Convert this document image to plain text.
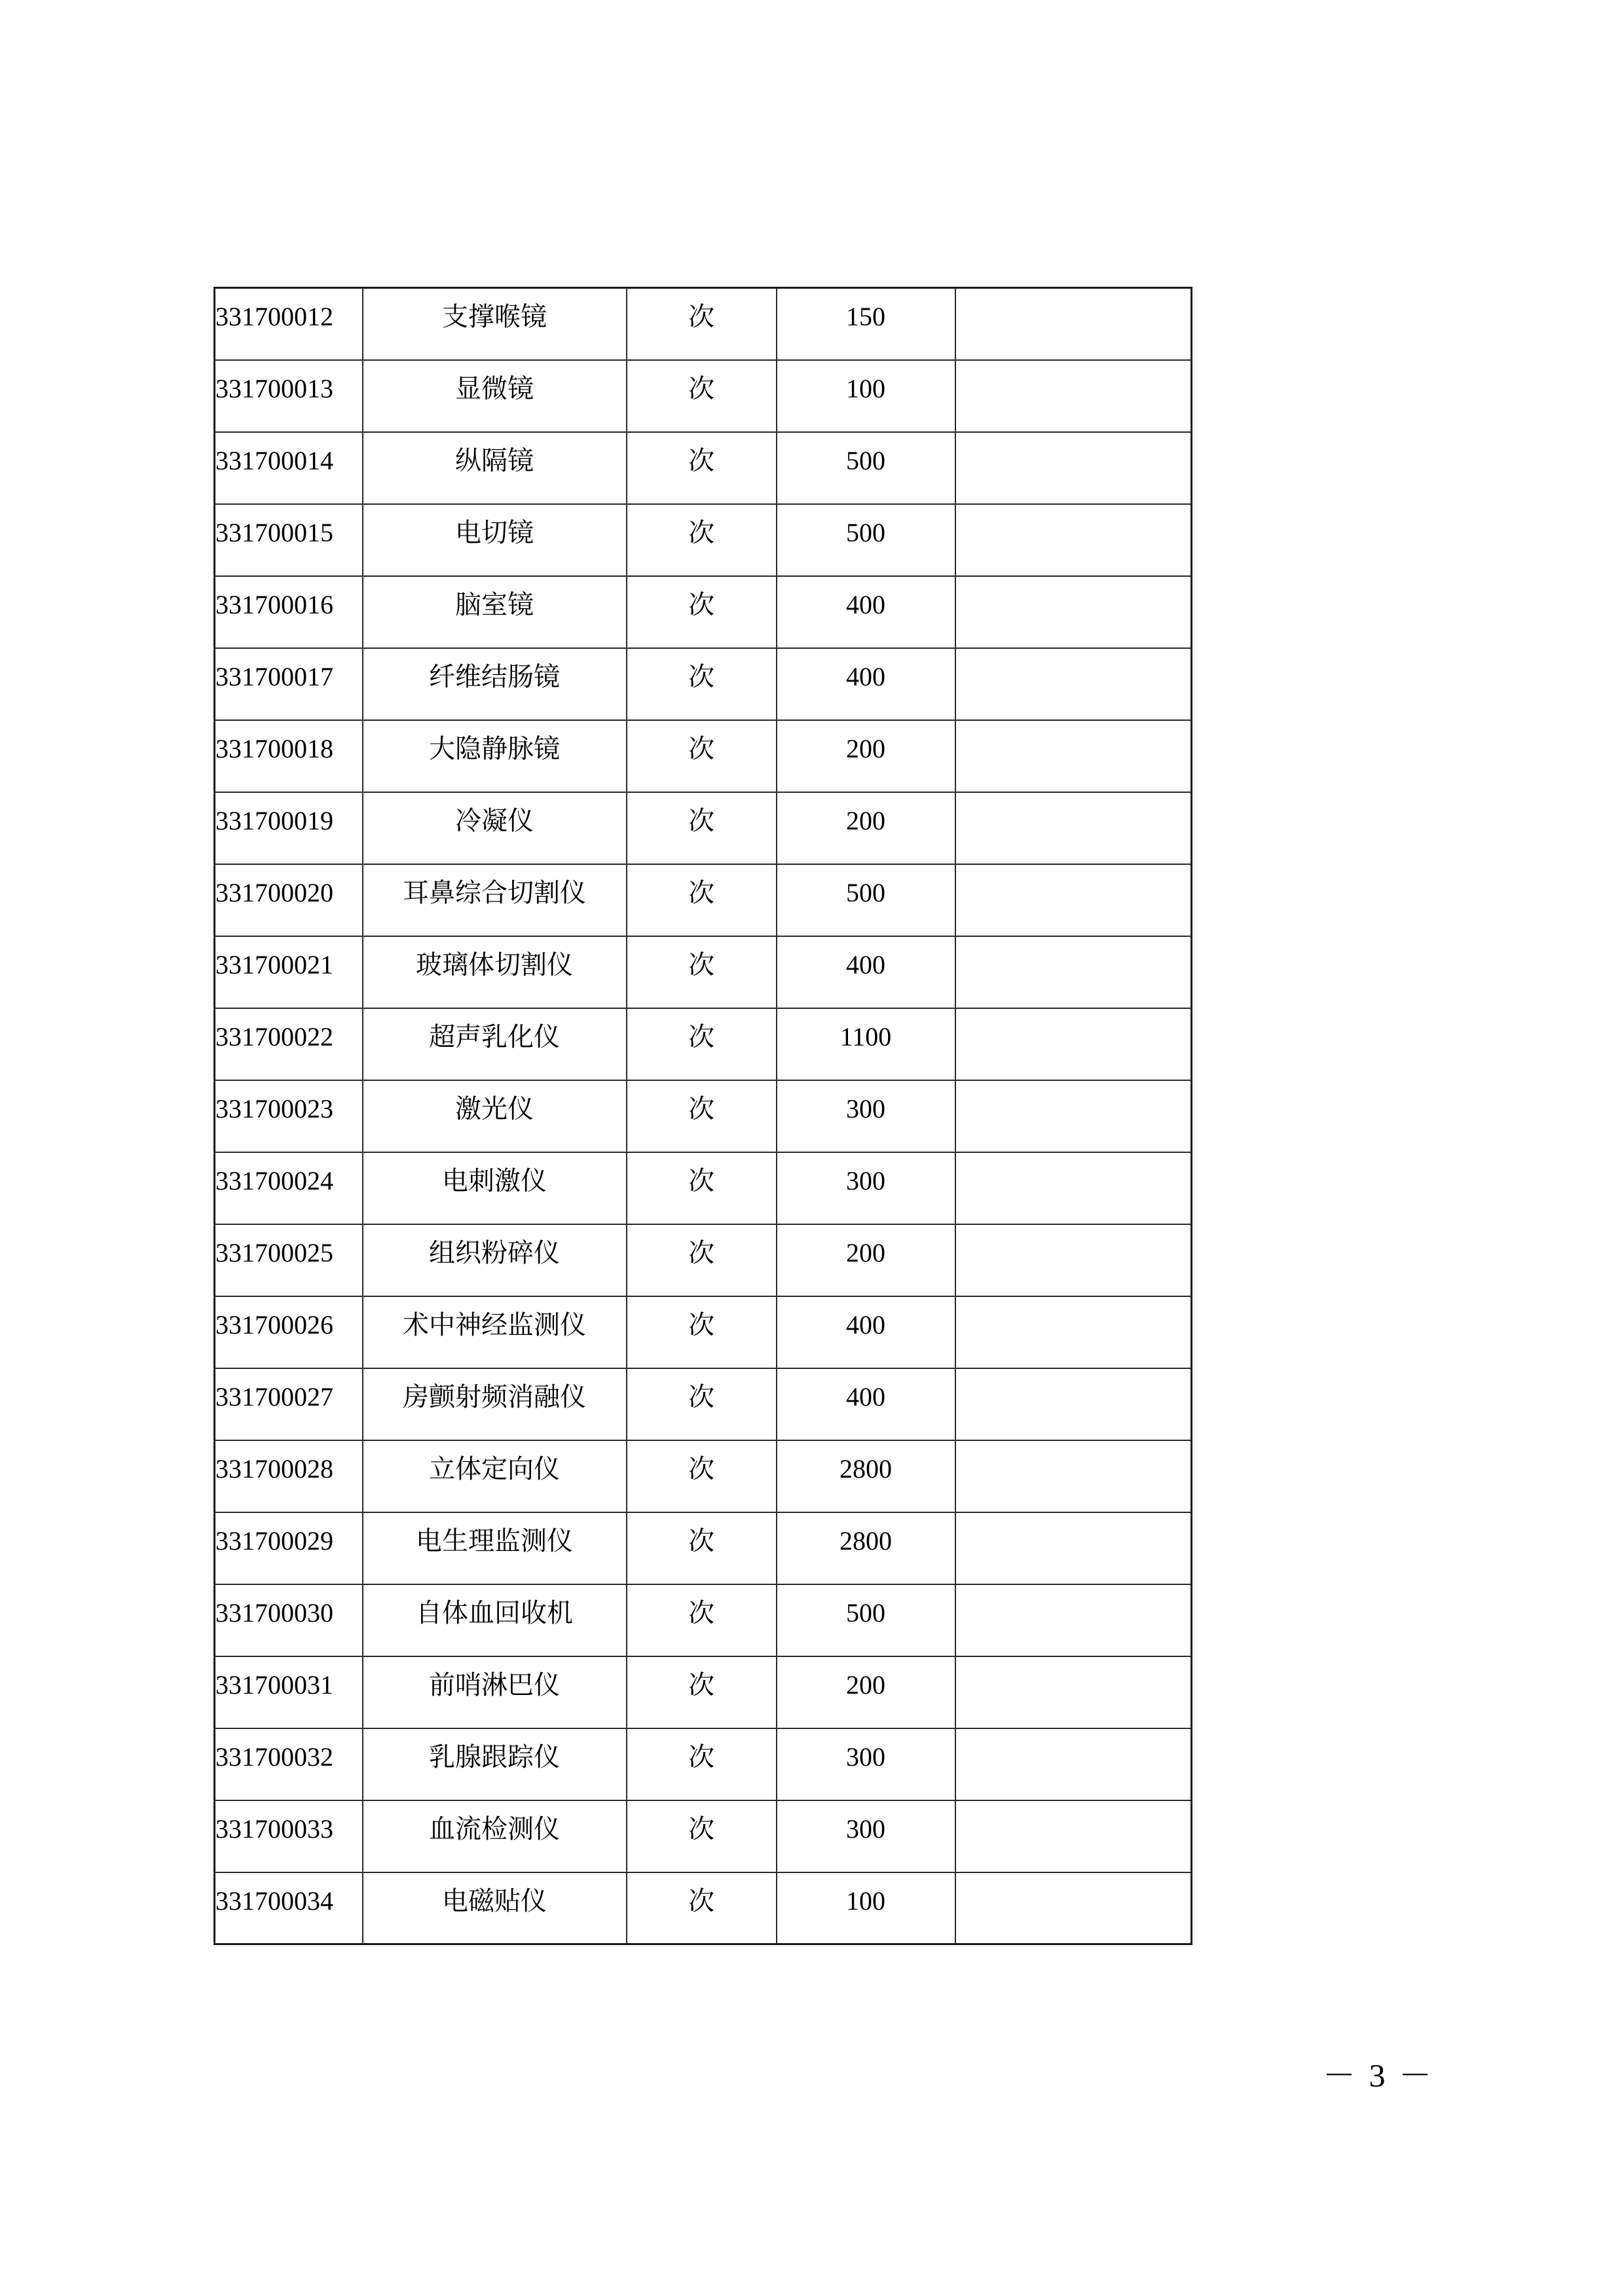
331700012	支撑喉镜	次	150	
331700013	显微镜	次	100	
331700014	纵隔镜	次	500	
331700015	电切镜	次	500	
331700016	脑室镜	次	400	
331700017	纤维结肠镜	次	400	
331700018	大隐静脉镜	次	200	
331700019	冷凝仪	次	200	
331700020	耳鼻综合切割仪	次	500	
331700021	玻璃体切割仪	次	400	
331700022	超声乳化仪	次	1100	
331700023	激光仪	次	300	
331700024	电刺激仪	次	300	
331700025	组织粉碎仪	次	200	
331700026	术中神经监测仪	次	400	
331700027	房颤射频消融仪	次	400	
331700028	立体定向仪	次	2800	
331700029	电生理监测仪	次	2800	
331700030	自体血回收机	次	500	
331700031	前哨淋巴仪	次	200	
331700032	乳腺跟踪仪	次	300	
331700033	血流检测仪	次	300	
331700034	电磁贴仪	次	100	
－ 3 －
